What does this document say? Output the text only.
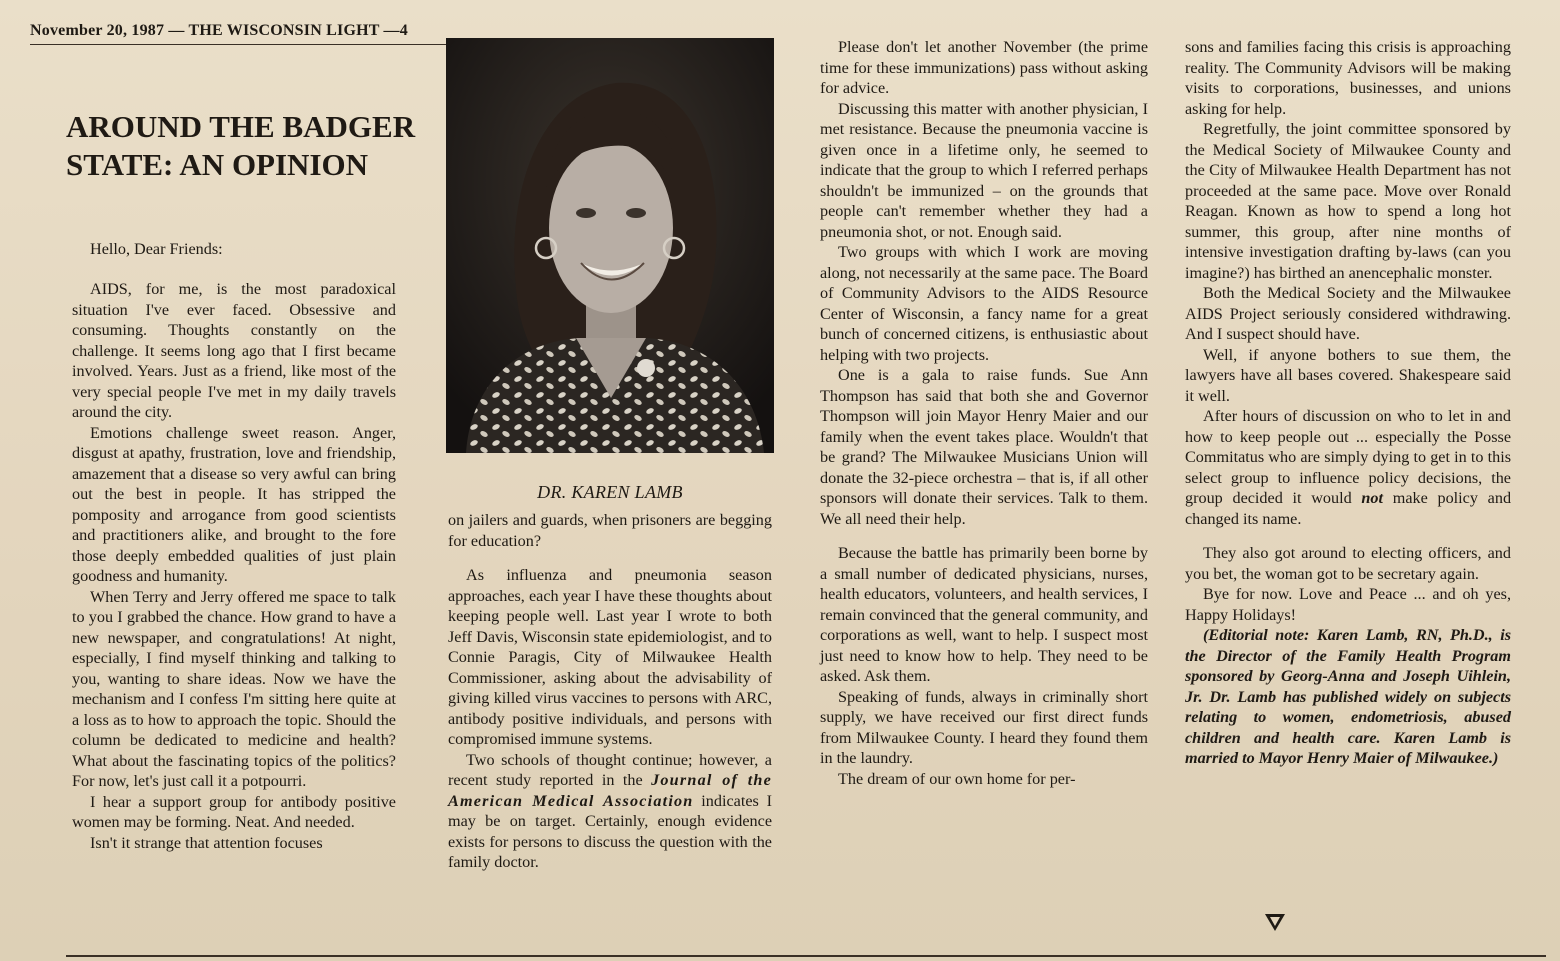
November 20, 1987 — THE WISCONSIN LIGHT —4
AROUND THE BADGER STATE: AN OPINION
Hello, Dear Friends:

AIDS, for me, is the most paradoxical situation I've ever faced. Obsessive and consuming. Thoughts constantly on the challenge. It seems long ago that I first became involved. Years. Just as a friend, like most of the very special people I've met in my daily travels around the city.

Emotions challenge sweet reason. Anger, disgust at apathy, frustration, love and friendship, amazement that a disease so very awful can bring out the best in people. It has stripped the pomposity and arrogance from good scientists and practitioners alike, and brought to the fore those deeply embedded qualities of just plain goodness and humanity.

When Terry and Jerry offered me space to talk to you I grabbed the chance. How grand to have a new newspaper, and congratulations! At night, especially, I find myself thinking and talking to you, wanting to share ideas. Now we have the mechanism and I confess I'm sitting here quite at a loss as to how to approach the topic. Should the column be dedicated to medicine and health? What about the fascinating topics of the politics? For now, let's just call it a potpourri.

I hear a support group for antibody positive women may be forming. Neat. And needed.

Isn't it strange that attention focuses

DR. KAREN LAMB

on jailers and guards, when prisoners are begging for education?

As influenza and pneumonia season approaches, each year I have these thoughts about keeping people well. Last year I wrote to both Jeff Davis, Wisconsin state epidemiologist, and to Connie Paragis, City of Milwaukee Health Commissioner, asking about the advisability of giving killed virus vaccines to persons with ARC, antibody positive individuals, and persons with compromised immune systems.

Two schools of thought continue; however, a recent study reported in the Journal of the American Medical Association indicates I may be on target. Certainly, enough evidence exists for persons to discuss the question with the family doctor.

Please don't let another November (the prime time for these immunizations) pass without asking for advice.

Discussing this matter with another physician, I met resistance. Because the pneumonia vaccine is given once in a lifetime only, he seemed to indicate that the group to which I referred perhaps shouldn't be immunized – on the grounds that people can't remember whether they had a pneumonia shot, or not. Enough said.

Two groups with which I work are moving along, not necessarily at the same pace. The Board of Community Advisors to the AIDS Resource Center of Wisconsin, a fancy name for a great bunch of concerned citizens, is enthusiastic about helping with two projects.

One is a gala to raise funds. Sue Ann Thompson has said that both she and Governor Thompson will join Mayor Henry Maier and our family when the event takes place. Wouldn't that be grand? The Milwaukee Musicians Union will donate the 32-piece orchestra – that is, if all other sponsors will donate their services. Talk to them. We all need their help.

Because the battle has primarily been borne by a small number of dedicated physicians, nurses, health educators, volunteers, and health services, I remain convinced that the general community, and corporations as well, want to help. I suspect most just need to know how to help. They need to be asked. Ask them.

Speaking of funds, always in criminally short supply, we have received our first direct funds from Milwaukee County. I heard they found them in the laundry.

The dream of our own home for per-

sons and families facing this crisis is approaching reality. The Community Advisors will be making visits to corporations, businesses, and unions asking for help.

Regretfully, the joint committee sponsored by the Medical Society of Milwaukee County and the City of Milwaukee Health Department has not proceeded at the same pace. Move over Ronald Reagan. Known as how to spend a long hot summer, this group, after nine months of intensive investigation drafting by-laws (can you imagine?) has birthed an anencephalic monster.

Both the Medical Society and the Milwaukee AIDS Project seriously considered withdrawing. And I suspect should have.

Well, if anyone bothers to sue them, the lawyers have all bases covered. Shakespeare said it well.

After hours of discussion on who to let in and how to keep people out ... especially the Posse Commitatus who are simply dying to get in to this select group to influence policy decisions, the group decided it would not make policy and changed its name.

They also got around to electing officers, and you bet, the woman got to be secretary again.

Bye for now. Love and Peace ... and oh yes, Happy Holidays!

(Editorial note: Karen Lamb, RN, Ph.D., is the Director of the Family Health Program sponsored by Georg-Anna and Joseph Uihlein, Jr. Dr. Lamb has published widely on subjects relating to women, endometriosis, abused children and health care. Karen Lamb is married to Mayor Henry Maier of Milwaukee.)
